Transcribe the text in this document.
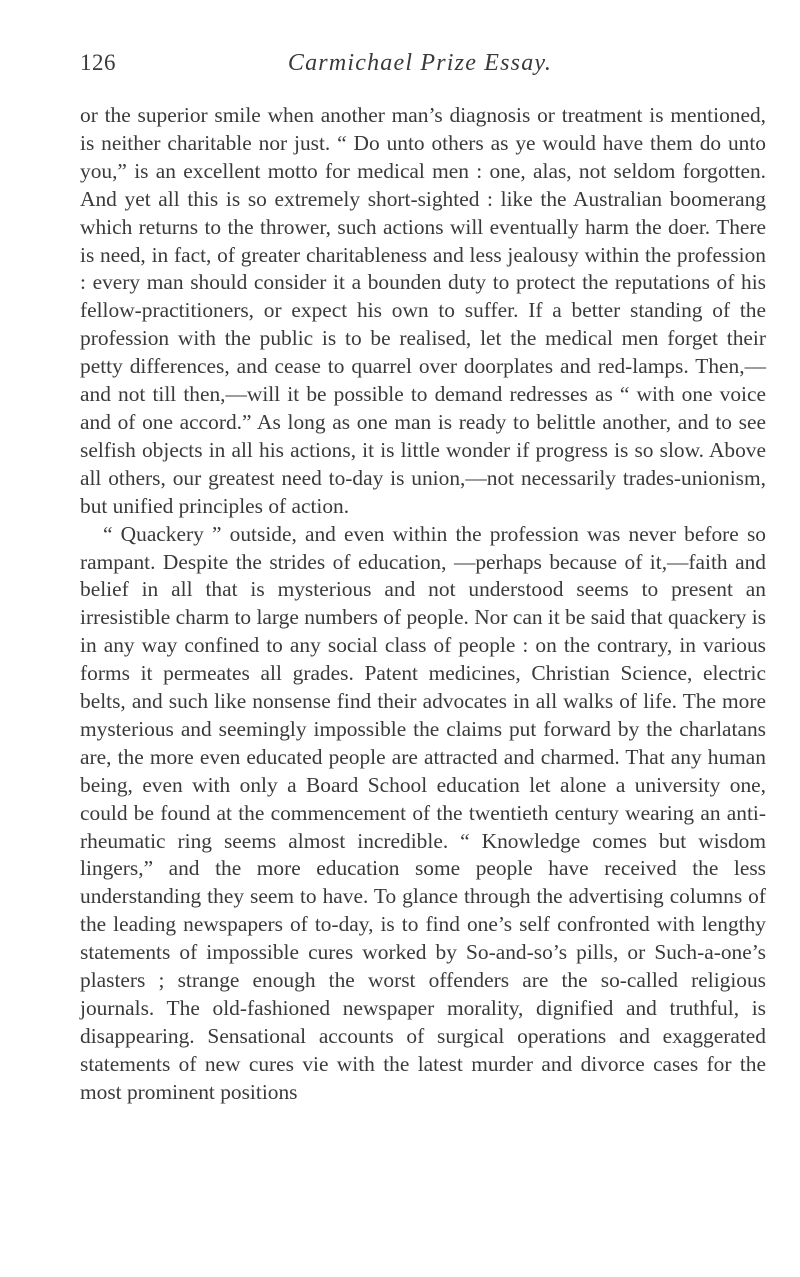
126	Carmichael Prize Essay.

or the superior smile when another man’s diagnosis or treatment is mentioned, is neither charitable nor just. “ Do unto others as ye would have them do unto you,” is an excellent motto for medical men : one, alas, not seldom forgotten. And yet all this is so extremely short-sighted : like the Australian boomerang which returns to the thrower, such actions will eventually harm the doer. There is need, in fact, of greater charitableness and less jealousy within the profession : every man should consider it a bounden duty to protect the reputations of his fellow-practitioners, or expect his own to suffer. If a better standing of the profession with the public is to be realised, let the medical men forget their petty differences, and cease to quarrel over doorplates and red-lamps. Then,—and not till then,—will it be possible to demand redresses as “ with one voice and of one accord.” As long as one man is ready to belittle another, and to see selfish objects in all his actions, it is little wonder if progress is so slow. Above all others, our greatest need to-day is union,—not necessarily trades-unionism, but unified principles of action.

“ Quackery ” outside, and even within the profession was never before so rampant. Despite the strides of education, —perhaps because of it,—faith and belief in all that is mysterious and not understood seems to present an irresistible charm to large numbers of people. Nor can it be said that quackery is in any way confined to any social class of people : on the contrary, in various forms it permeates all grades. Patent medicines, Christian Science, electric belts, and such like nonsense find their advocates in all walks of life. The more mysterious and seemingly impossible the claims put forward by the charlatans are, the more even educated people are attracted and charmed. That any human being, even with only a Board School education let alone a university one, could be found at the commencement of the twentieth century wearing an anti-rheumatic ring seems almost incredible. “ Knowledge comes but wisdom lingers,” and the more education some people have received the less understanding they seem to have. To glance through the advertising columns of the leading newspapers of to-day, is to find one’s self confronted with lengthy statements of impossible cures worked by So-and-so’s pills, or Such-a-one’s plasters ; strange enough the worst offenders are the so-called religious journals. The old-fashioned newspaper morality, dignified and truthful, is disappearing. Sensational accounts of surgical operations and exaggerated statements of new cures vie with the latest murder and divorce cases for the most prominent positions
